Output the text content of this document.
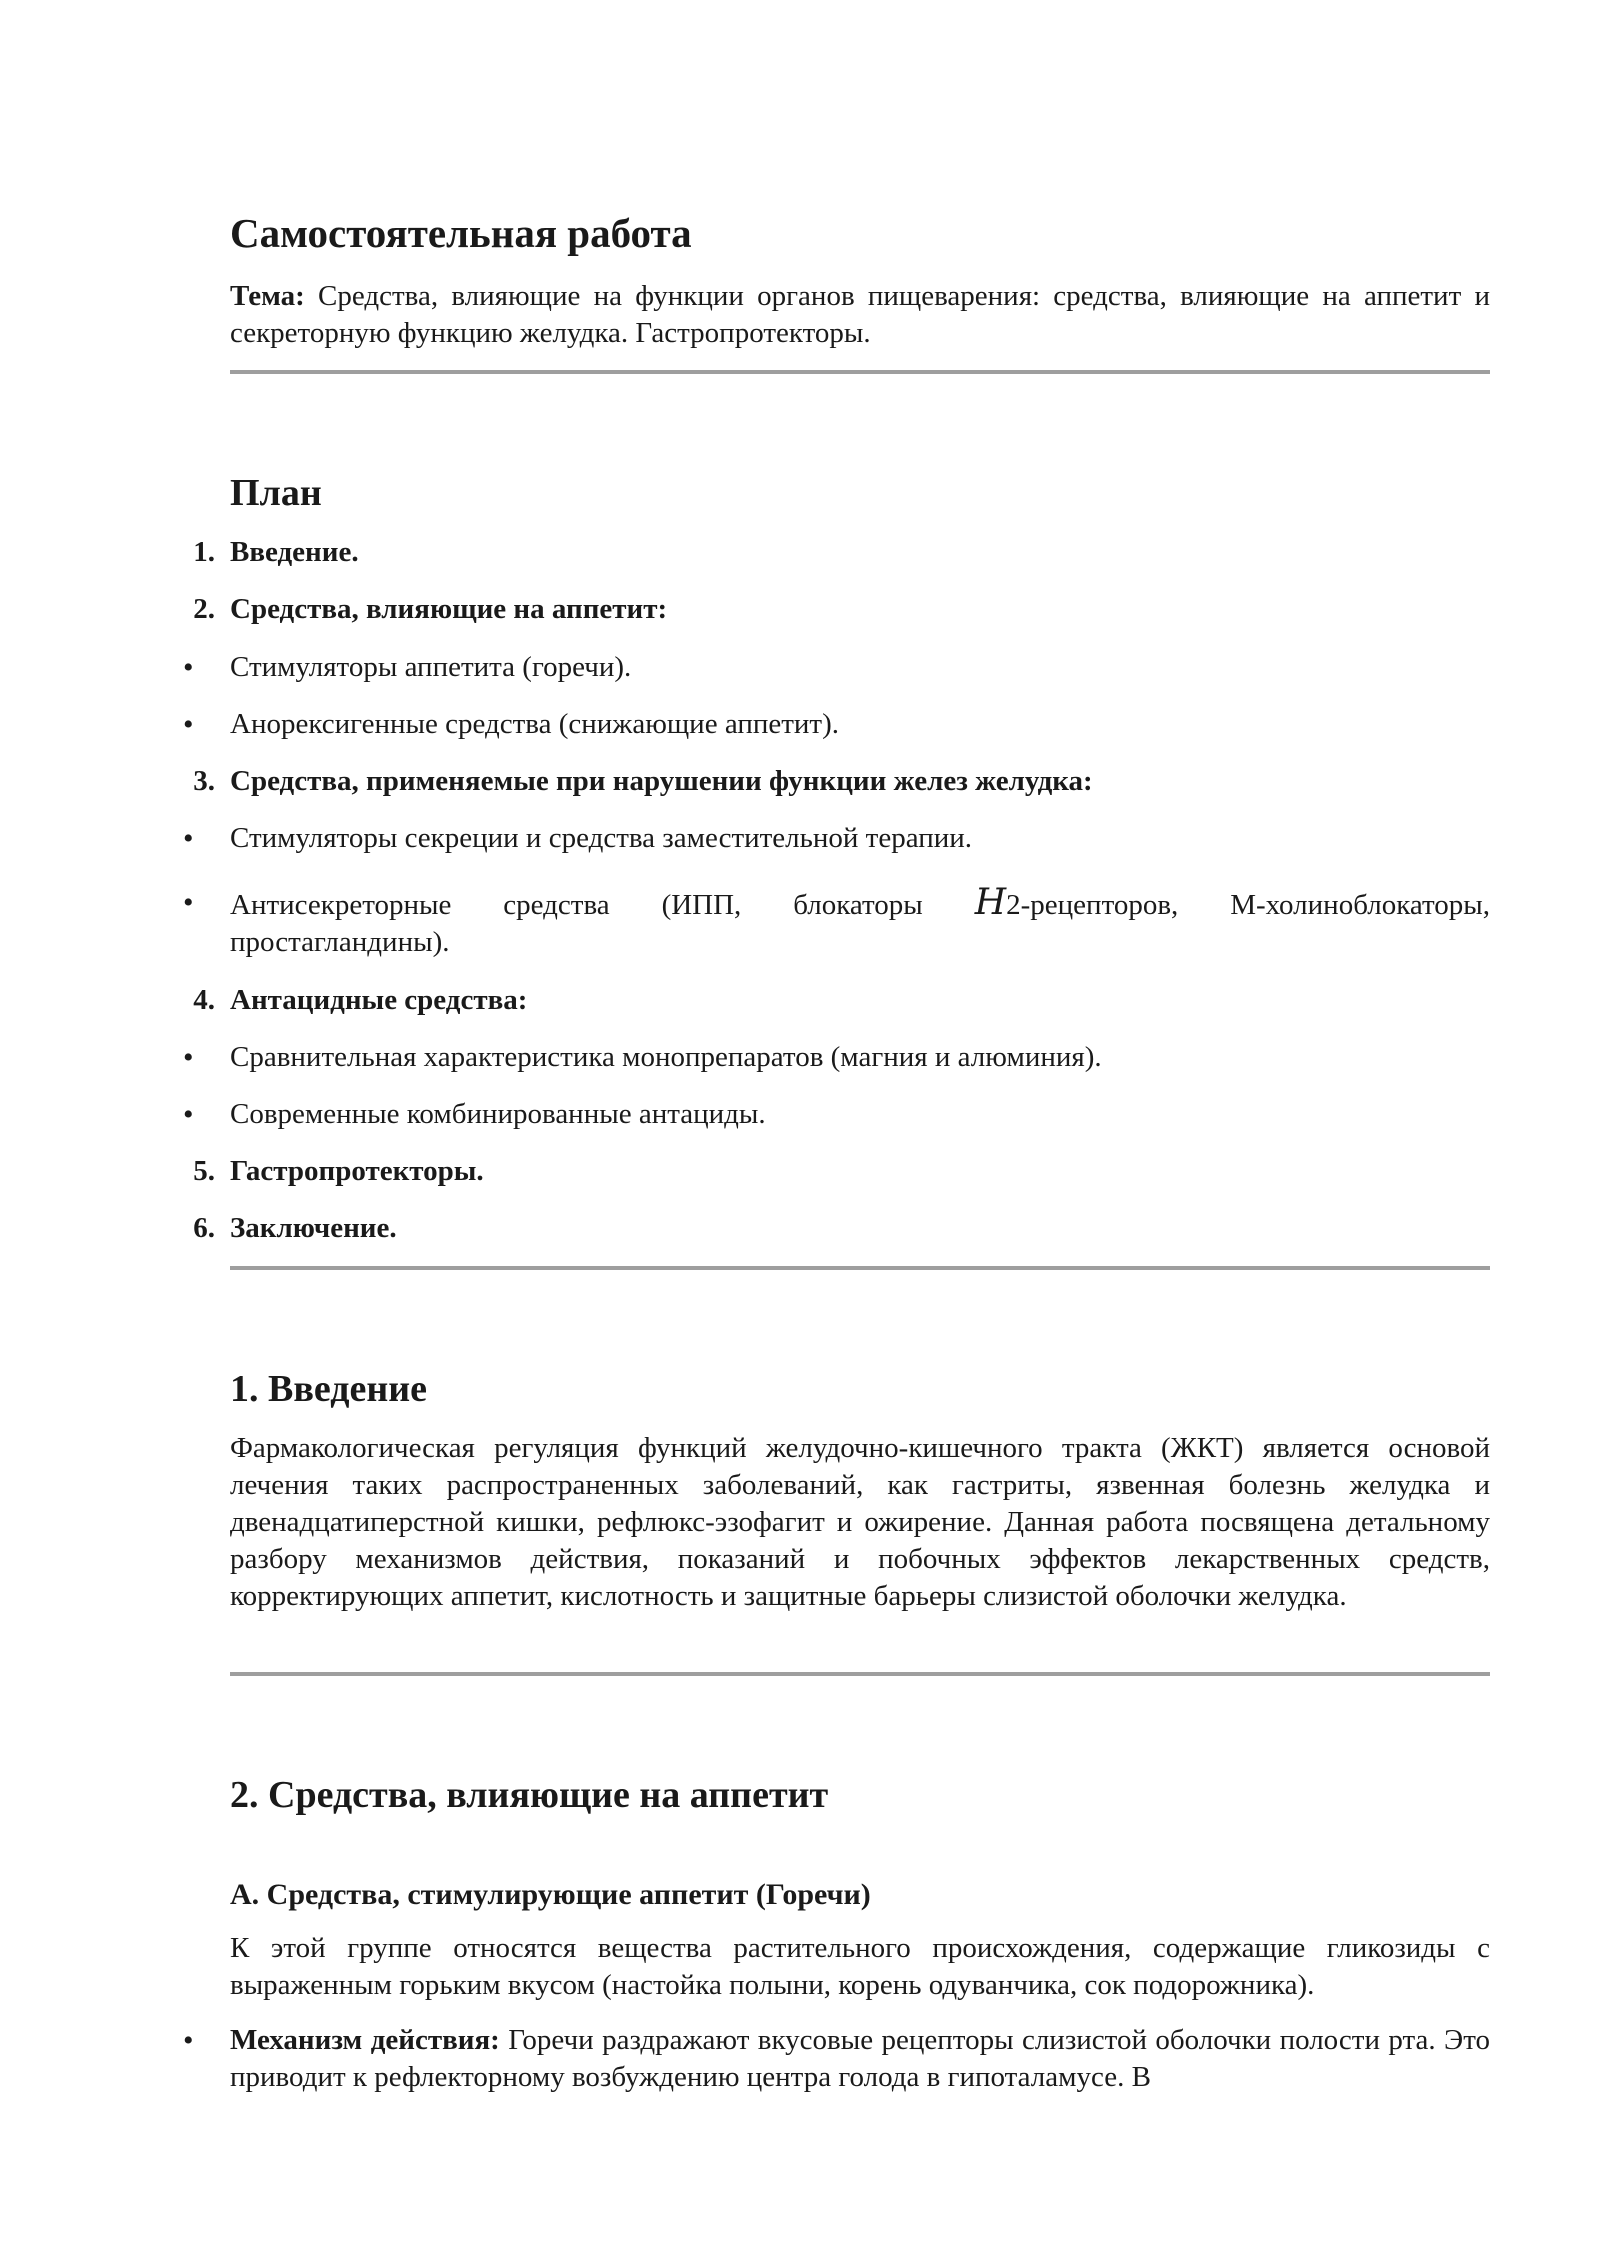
Самостоятельная работа

Тема: Средства, влияющие на функции органов пищеварения: средства, влияющие на аппетит и секреторную функцию желудка. Гастропротекторы.

План
1. Введение.
2. Средства, влияющие на аппетит:
•
Стимуляторы аппетита (горечи).
•
Анорексигенные средства (снижающие аппетит).
3. Средства, применяемые при нарушении функции желез желудка:
•
Стимуляторы секреции и средства заместительной терапии.
•
Антисекреторные средства (ИПП, блокаторы H2-рецепторов, М-холиноблокаторы, простагландины).
4. Антацидные средства:
•
Сравнительная характеристика монопрепаратов (магния и алюминия).
•
Современные комбинированные антациды.
5. Гастропротекторы.
6. Заключение.
1. Введение

Фармакологическая регуляция функций желудочно-кишечного тракта (ЖКТ) является основой лечения таких распространенных заболеваний, как гастриты, язвенная болезнь желудка и двенадцатиперстной кишки, рефлюкс-эзофагит и ожирение. Данная работа посвящена детальному разбору механизмов действия, показаний и побочных эффектов лекарственных средств, корректирующих аппетит, кислотность и защитные барьеры слизистой оболочки желудка.

2. Средства, влияющие на аппетит
А. Средства, стимулирующие аппетит (Горечи)

К этой группе относятся вещества растительного происхождения, содержащие гликозиды с выраженным горьким вкусом (настойка полыни, корень одуванчика, сок подорожника).

•
Механизм действия: Горечи раздражают вкусовые рецепторы слизистой оболочки полости рта. Это приводит к рефлекторному возбуждению центра голода в гипоталамусе. В
